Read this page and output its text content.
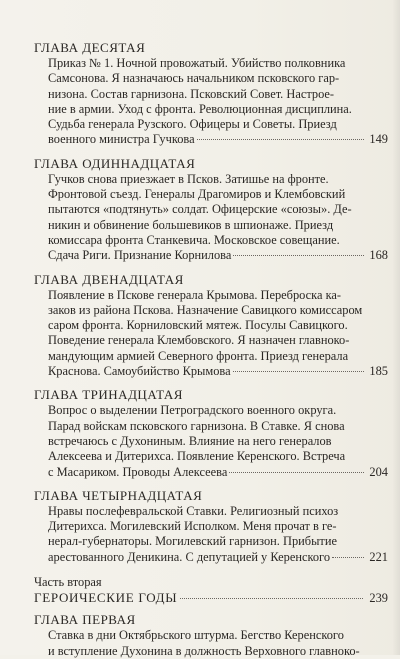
ГЛАВА ДЕСЯТАЯ

Приказ № 1. Ночной провожатый. Убийство полковника
Самсонова. Я назначаюсь начальником псковского гар-
низона. Состав гарнизона. Псковский Совет. Настрое-
ние в армии. Уход с фронта. Революционная дисциплина.
Судьба генерала Рузского. Офицеры и Советы. Приезд
военного министра Гучкова	149

ГЛАВА ОДИННАДЦАТАЯ

Гучков снова приезжает в Псков. Затишье на фронте.
Фронтовой съезд. Генералы Драгомиров и Клембовский
пытаются «подтянуть» солдат. Офицерские «союзы». Де-
никин и обвинение большевиков в шпионаже. Приезд
комиссара фронта Станкевича. Московское совещание.
Сдача Риги. Признание Корнилова	168

ГЛАВА ДВЕНАДЦАТАЯ

Появление в Пскове генерала Крымова. Переброска ка-
заков из района Пскова. Назначение Савицкого комиссаром
саром фронта. Корниловский мятеж. Посулы Савицкого.
Поведение генерала Клембовского. Я назначен главноко-
мандующим армией Северного фронта. Приезд генерала
Краснова. Самоубийство Крымова	185

ГЛАВА ТРИНАДЦАТАЯ

Вопрос о выделении Петроградского военного округа.
Парад войскам псковского гарнизона. В Ставке. Я снова
встречаюсь с Духониным. Влияние на него генералов
Алексеева и Дитерихса. Появление Керенского. Встреча
с Масариком. Проводы Алексеева	204

ГЛАВА ЧЕТЫРНАДЦАТАЯ

Нравы послефевральской Ставки. Религиозный психоз
Дитерихса. Могилевский Исполком. Меня прочат в ге-
нерал-губернаторы. Могилевский гарнизон. Прибытие
арестованного Деникина. С депутацией у Керенского	221
Часть вторая
ГЕРОИЧЕСКИЕ ГОДЫ	239

ГЛАВА ПЕРВАЯ

Ставка в дни Октябрьского штурма. Бегство Керенского
и вступление Духонина в должность Верховного главноко-
